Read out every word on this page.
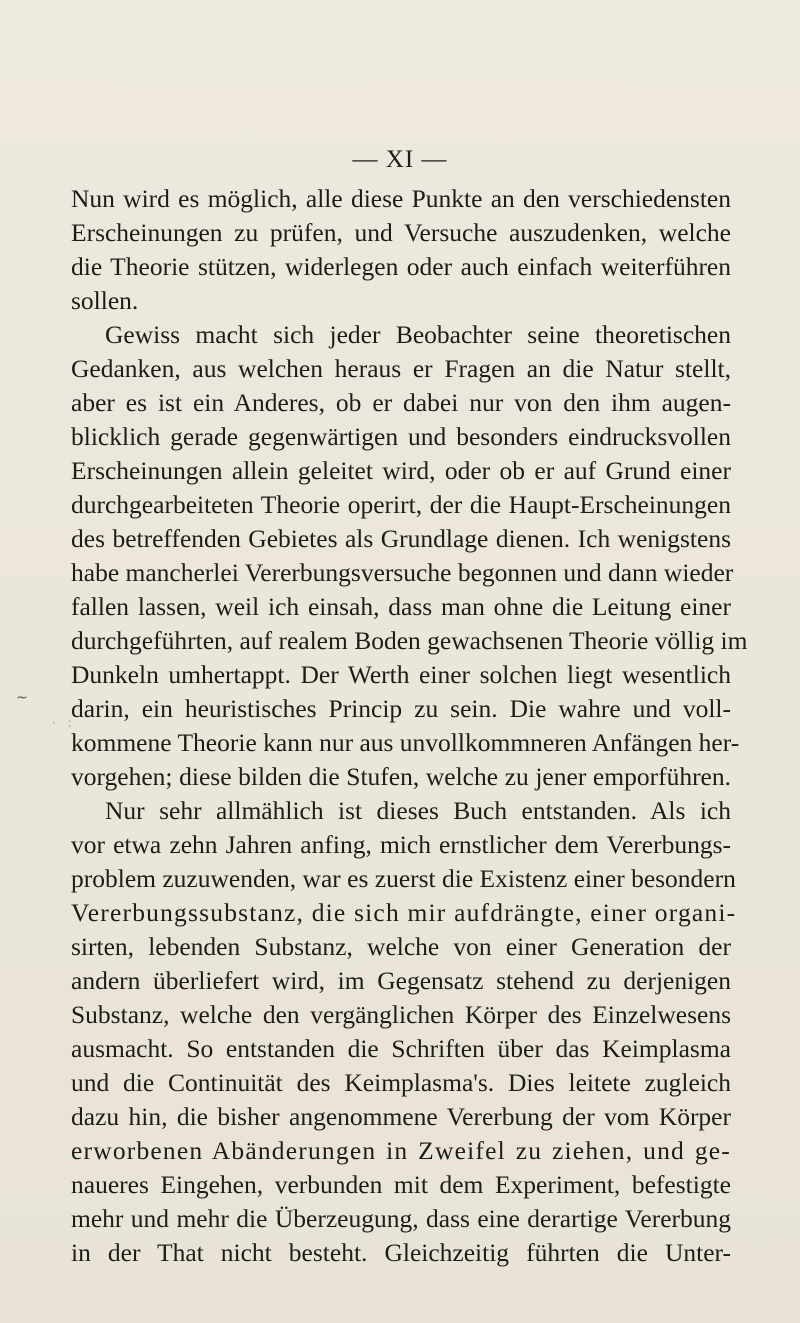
— XI —
~
· :
Nun wird es möglich, alle diese Punkte an den verschiedensten
Erscheinungen zu prüfen, und Versuche auszudenken, welche
die Theorie stützen, widerlegen oder auch einfach weiterführen
sollen.
Gewiss macht sich jeder Beobachter seine theoretischen
Gedanken, aus welchen heraus er Fragen an die Natur stellt,
aber es ist ein Anderes, ob er dabei nur von den ihm augen-
blicklich gerade gegenwärtigen und besonders eindrucksvollen
Erscheinungen allein geleitet wird, oder ob er auf Grund einer
durchgearbeiteten Theorie operirt, der die Haupt-Erscheinungen
des betreffenden Gebietes als Grundlage dienen. Ich wenigstens
habe mancherlei Vererbungsversuche begonnen und dann wieder
fallen lassen, weil ich einsah, dass man ohne die Leitung einer
durchgeführten, auf realem Boden gewachsenen Theorie völlig im
Dunkeln umhertappt. Der Werth einer solchen liegt wesentlich
darin, ein heuristisches Princip zu sein. Die wahre und voll-
kommene Theorie kann nur aus unvollkommneren Anfängen her-
vorgehen; diese bilden die Stufen, welche zu jener emporführen.
Nur sehr allmählich ist dieses Buch entstanden. Als ich
vor etwa zehn Jahren anfing, mich ernstlicher dem Vererbungs-
problem zuzuwenden, war es zuerst die Existenz einer besondern
Vererbungssubstanz, die sich mir aufdrängte, einer organi-
sirten, lebenden Substanz, welche von einer Generation der
andern überliefert wird, im Gegensatz stehend zu derjenigen
Substanz, welche den vergänglichen Körper des Einzelwesens
ausmacht. So entstanden die Schriften über das Keimplasma
und die Continuität des Keimplasma's. Dies leitete zugleich
dazu hin, die bisher angenommene Vererbung der vom Körper
erworbenen Abänderungen in Zweifel zu ziehen, und ge-
naueres Eingehen, verbunden mit dem Experiment, befestigte
mehr und mehr die Überzeugung, dass eine derartige Vererbung
in der That nicht besteht. Gleichzeitig führten die Unter-
